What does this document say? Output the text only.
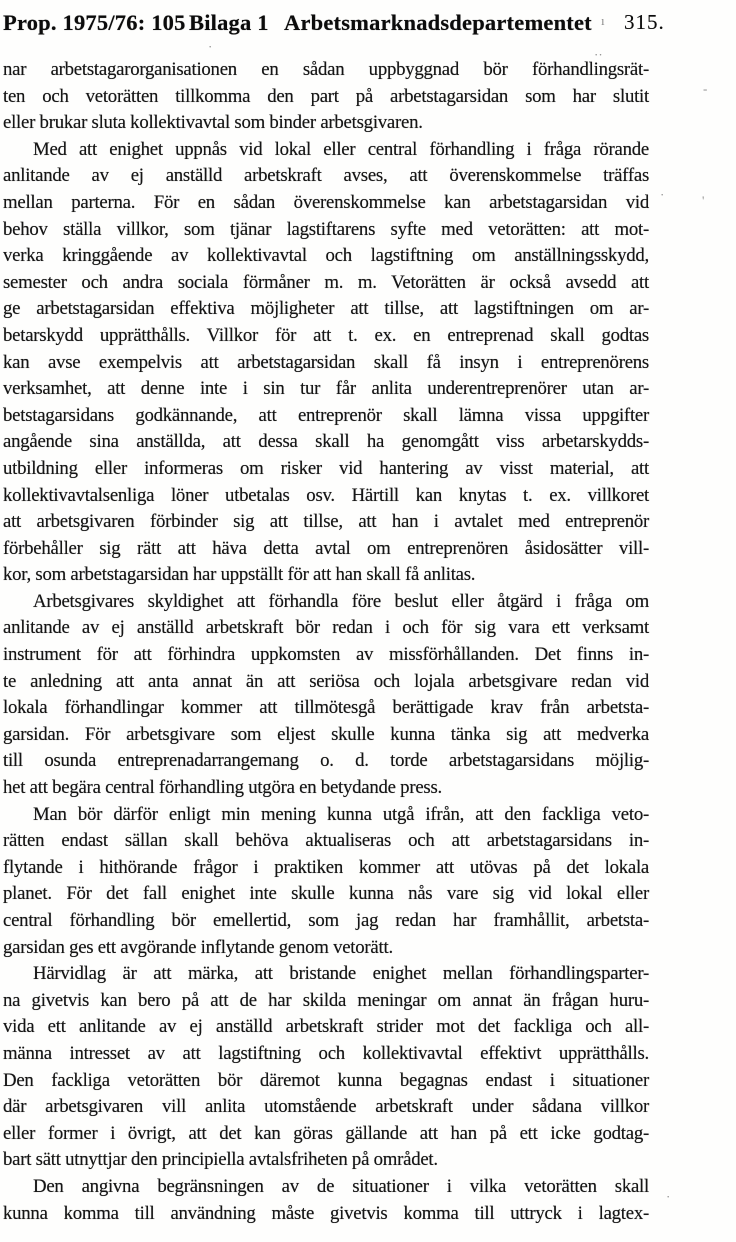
Prop. 1975/76: 105 Bilaga 1 Arbetsmarknadsdepartementet 315.
nar arbetstagarorganisationen en sådan uppbyggnad bör förhandlingsrät-
ten och vetorätten tillkomma den part på arbetstagarsidan som har slutit
eller brukar sluta kollektivavtal som binder arbetsgivaren.
Med att enighet uppnås vid lokal eller central förhandling i fråga rörande
anlitande av ej anställd arbetskraft avses, att överenskommelse träffas
mellan parterna. För en sådan överenskommelse kan arbetstagarsidan vid
behov ställa villkor, som tjänar lagstiftarens syfte med vetorätten: att mot-
verka kringgående av kollektivavtal och lagstiftning om anställningsskydd,
semester och andra sociala förmåner m. m. Vetorätten är också avsedd att
ge arbetstagarsidan effektiva möjligheter att tillse, att lagstiftningen om ar-
betarskydd upprätthålls. Villkor för att t. ex. en entreprenad skall godtas
kan avse exempelvis att arbetstagarsidan skall få insyn i entreprenörens
verksamhet, att denne inte i sin tur får anlita underentreprenörer utan ar-
betstagarsidans godkännande, att entreprenör skall lämna vissa uppgifter
angående sina anställda, att dessa skall ha genomgått viss arbetarskydds-
utbildning eller informeras om risker vid hantering av visst material, att
kollektivavtalsenliga löner utbetalas osv. Härtill kan knytas t. ex. villkoret
att arbetsgivaren förbinder sig att tillse, att han i avtalet med entreprenör
förbehåller sig rätt att häva detta avtal om entreprenören åsidosätter vill-
kor, som arbetstagarsidan har uppställt för att han skall få anlitas.
Arbetsgivares skyldighet att förhandla före beslut eller åtgärd i fråga om
anlitande av ej anställd arbetskraft bör redan i och för sig vara ett verksamt
instrument för att förhindra uppkomsten av missförhållanden. Det finns in-
te anledning att anta annat än att seriösa och lojala arbetsgivare redan vid
lokala förhandlingar kommer att tillmötesgå berättigade krav från arbetsta-
garsidan. För arbetsgivare som eljest skulle kunna tänka sig att medverka
till osunda entreprenadarrangemang o. d. torde arbetstagarsidans möjlig-
het att begära central förhandling utgöra en betydande press.
Man bör därför enligt min mening kunna utgå ifrån, att den fackliga veto-
rätten endast sällan skall behöva aktualiseras och att arbetstagarsidans in-
flytande i hithörande frågor i praktiken kommer att utövas på det lokala
planet. För det fall enighet inte skulle kunna nås vare sig vid lokal eller
central förhandling bör emellertid, som jag redan har framhållit, arbetsta-
garsidan ges ett avgörande inflytande genom vetorätt.
Härvidlag är att märka, att bristande enighet mellan förhandlingsparter-
na givetvis kan bero på att de har skilda meningar om annat än frågan huru-
vida ett anlitande av ej anställd arbetskraft strider mot det fackliga och all-
männa intresset av att lagstiftning och kollektivavtal effektivt upprätthålls.
Den fackliga vetorätten bör däremot kunna begagnas endast i situationer
där arbetsgivaren vill anlita utomstående arbetskraft under sådana villkor
eller former i övrigt, att det kan göras gällande att han på ett icke godtag-
bart sätt utnyttjar den principiella avtalsfriheten på området.
Den angivna begränsningen av de situationer i vilka vetorätten skall
kunna komma till användning måste givetvis komma till uttryck i lagtex-
ı
·
··
-
'
·
·
